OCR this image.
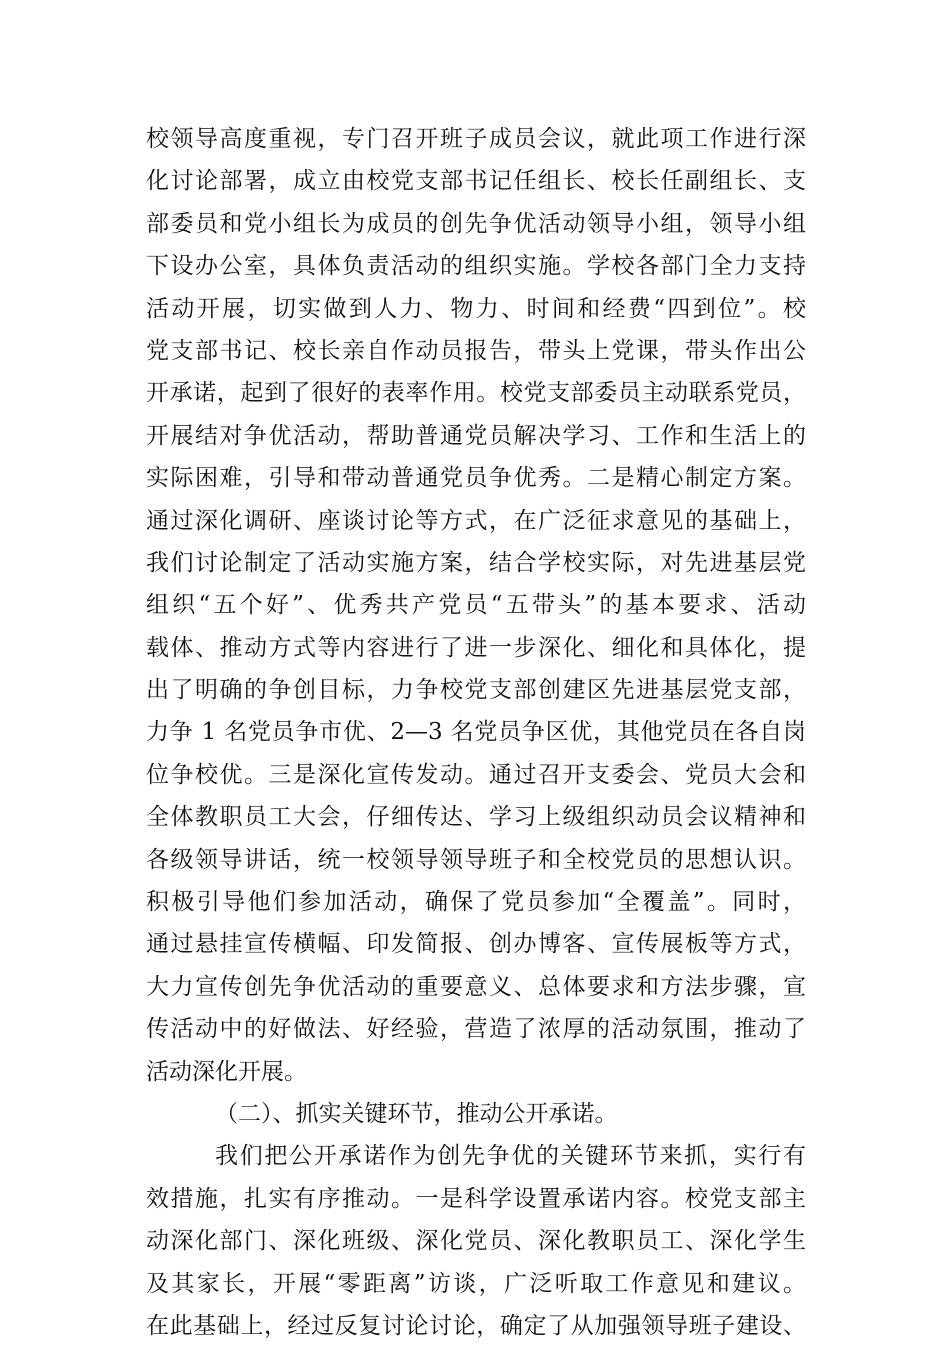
校领导高度重视，专门召开班子成员会议，就此项工作进行深
化讨论部署，成立由校党支部书记任组长、校长任副组长、支
部委员和党小组长为成员的创先争优活动领导小组，领导小组
下设办公室，具体负责活动的组织实施。学校各部门全力支持
活动开展，切实做到人力、物力、时间和经费“四到位”。校
党支部书记、校长亲自作动员报告，带头上党课，带头作出公
开承诺，起到了很好的表率作用。校党支部委员主动联系党员，
开展结对争优活动，帮助普通党员解决学习、工作和生活上的
实际困难，引导和带动普通党员争优秀。二是精心制定方案。
通过深化调研、座谈讨论等方式，在广泛征求意见的基础上，
我们讨论制定了活动实施方案，结合学校实际，对先进基层党
组织“五个好”、优秀共产党员“五带头”的基本要求、活动
载体、推动方式等内容进行了进一步深化、细化和具体化，提
出了明确的争创目标，力争校党支部创建区先进基层党支部，
力争 1 名党员争市优、2—3 名党员争区优，其他党员在各自岗
位争校优。三是深化宣传发动。通过召开支委会、党员大会和
全体教职员工大会，仔细传达、学习上级组织动员会议精神和
各级领导讲话，统一校领导领导班子和全校党员的思想认识。
积极引导他们参加活动，确保了党员参加“全覆盖”。同时，
通过悬挂宣传横幅、印发简报、创办博客、宣传展板等方式，
大力宣传创先争优活动的重要意义、总体要求和方法步骤，宣
传活动中的好做法、好经验，营造了浓厚的活动氛围，推动了
活动深化开展。
（二）、抓实关键环节，推动公开承诺。
我们把公开承诺作为创先争优的关键环节来抓，实行有
效措施，扎实有序推动。一是科学设置承诺内容。校党支部主
动深化部门、深化班级、深化党员、深化教职员工、深化学生
及其家长，开展“零距离”访谈，广泛听取工作意见和建议。
在此基础上，经过反复讨论讨论，确定了从加强领导班子建设、
